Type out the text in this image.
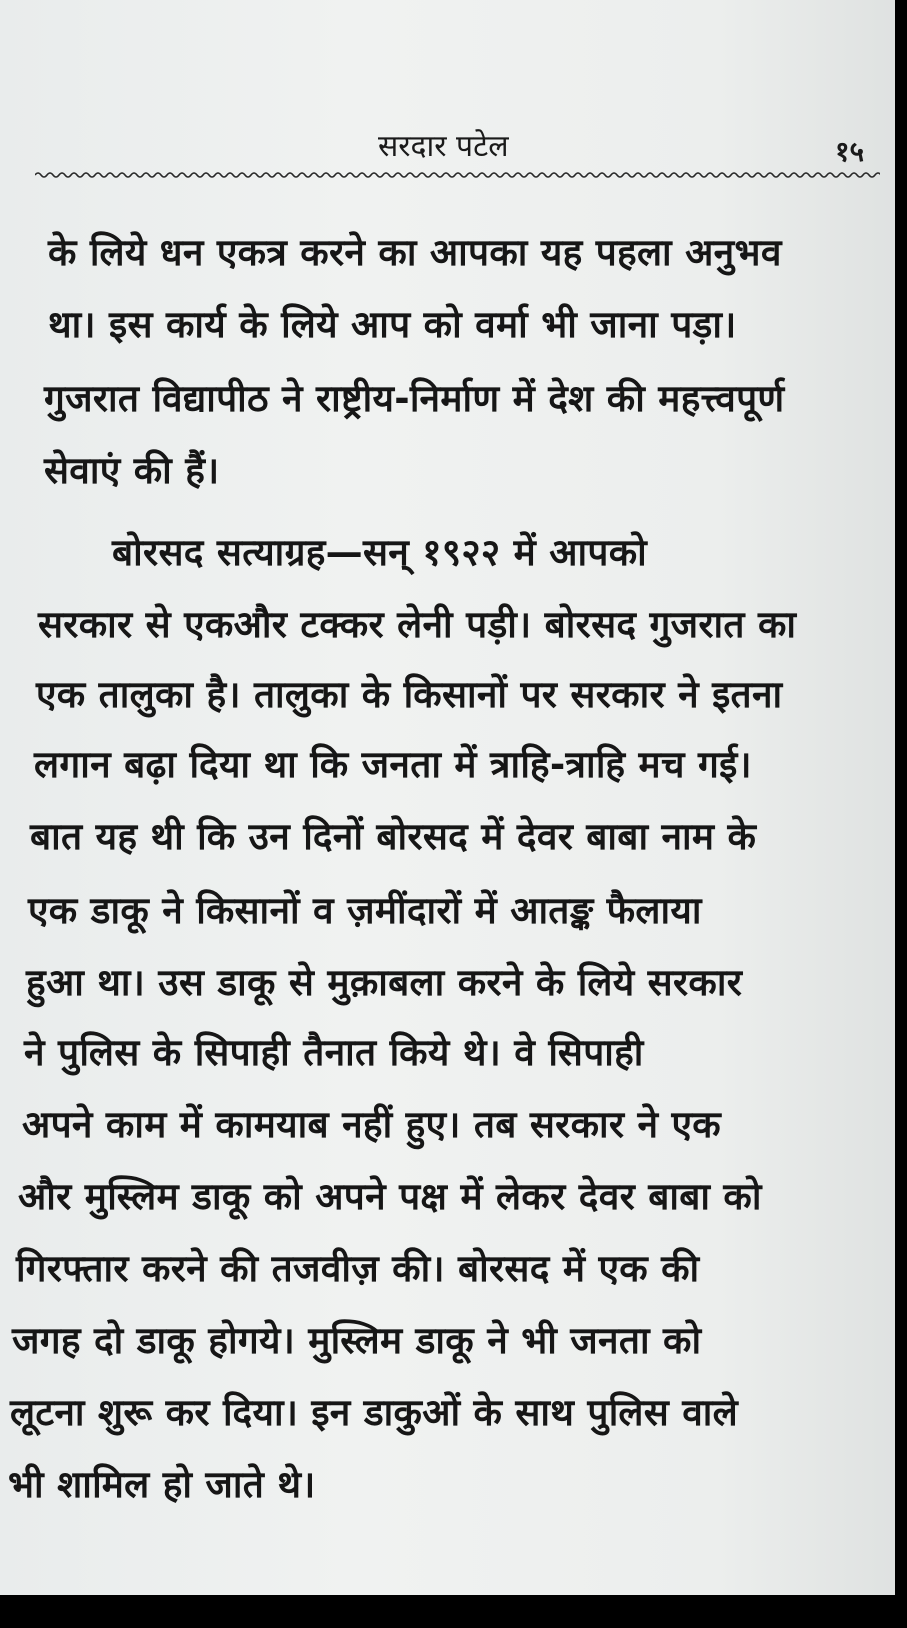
सरदार पटेल	१५
के लिये धन एकत्र करने का आपका यह पहला अनुभव
था। इस कार्य के लिये आप को वर्मा भी जाना पड़ा।
गुजरात विद्यापीठ ने राष्ट्रीय-निर्माण में देश की महत्त्वपूर्ण
सेवाएं की हैं।
बोरसद सत्याग्रह—सन् १९२२ में आपको
सरकार से एकऔर टक्कर लेनी पड़ी। बोरसद गुजरात का
एक तालुका है। तालुका के किसानों पर सरकार ने इतना
लगान बढ़ा दिया था कि जनता में त्राहि-त्राहि मच गई।
बात यह थी कि उन दिनों बोरसद में देवर बाबा नाम के
एक डाकू ने किसानों व ज़मींदारों में आतङ्क फैलाया
हुआ था। उस डाकू से मुक़ाबला करने के लिये सरकार
ने पुलिस के सिपाही तैनात किये थे। वे सिपाही
अपने काम में कामयाब नहीं हुए। तब सरकार ने एक
और मुस्लिम डाकू को अपने पक्ष में लेकर देवर बाबा को
गिरफ्तार करने की तजवीज़ की। बोरसद में एक की
जगह दो डाकू होगये। मुस्लिम डाकू ने भी जनता को
लूटना शुरू कर दिया। इन डाकुओं के साथ पुलिस वाले
भी शामिल हो जाते थे।
